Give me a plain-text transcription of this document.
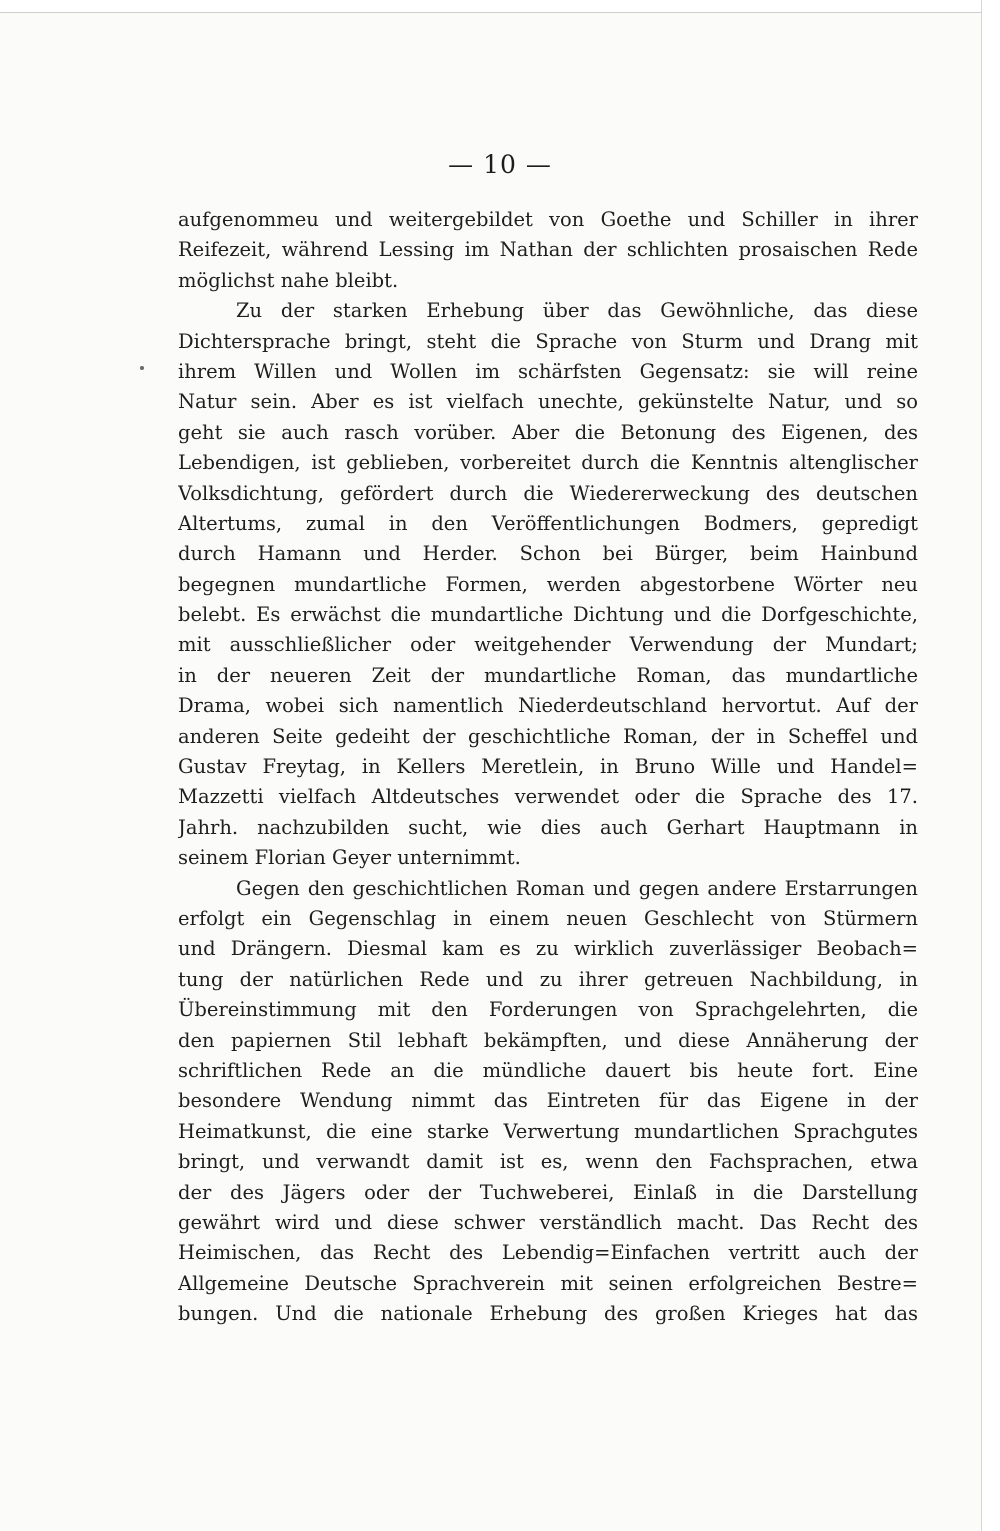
— 10 —
aufgenommeu und weitergebildet von Goethe und Schiller in ihrer
Reifezeit, während Lessing im Nathan der schlichten prosaischen Rede
möglichst nahe bleibt.
Zu der starken Erhebung über das Gewöhnliche, das diese
Dichtersprache bringt, steht die Sprache von Sturm und Drang mit
ihrem Willen und Wollen im schärfsten Gegensatz: sie will reine
Natur sein. Aber es ist vielfach unechte, gekünstelte Natur, und so
geht sie auch rasch vorüber. Aber die Betonung des Eigenen, des
Lebendigen, ist geblieben, vorbereitet durch die Kenntnis altenglischer
Volksdichtung, gefördert durch die Wiedererweckung des deutschen
Altertums, zumal in den Veröffentlichungen Bodmers, gepredigt
durch Hamann und Herder. Schon bei Bürger, beim Hainbund
begegnen mundartliche Formen, werden abgestorbene Wörter neu
belebt. Es erwächst die mundartliche Dichtung und die Dorfgeschichte,
mit ausschließlicher oder weitgehender Verwendung der Mundart;
in der neueren Zeit der mundartliche Roman, das mundartliche
Drama, wobei sich namentlich Niederdeutschland hervortut. Auf der
anderen Seite gedeiht der geschichtliche Roman, der in Scheffel und
Gustav Freytag, in Kellers Meretlein, in Bruno Wille und Handel=
Mazzetti vielfach Altdeutsches verwendet oder die Sprache des 17.
Jahrh. nachzubilden sucht, wie dies auch Gerhart Hauptmann in
seinem Florian Geyer unternimmt.
Gegen den geschichtlichen Roman und gegen andere Erstarrungen
erfolgt ein Gegenschlag in einem neuen Geschlecht von Stürmern
und Drängern. Diesmal kam es zu wirklich zuverlässiger Beobach=
tung der natürlichen Rede und zu ihrer getreuen Nachbildung, in
Übereinstimmung mit den Forderungen von Sprachgelehrten, die
den papiernen Stil lebhaft bekämpften, und diese Annäherung der
schriftlichen Rede an die mündliche dauert bis heute fort. Eine
besondere Wendung nimmt das Eintreten für das Eigene in der
Heimatkunst, die eine starke Verwertung mundartlichen Sprachgutes
bringt, und verwandt damit ist es, wenn den Fachsprachen, etwa
der des Jägers oder der Tuchweberei, Einlaß in die Darstellung
gewährt wird und diese schwer verständlich macht. Das Recht des
Heimischen, das Recht des Lebendig=Einfachen vertritt auch der
Allgemeine Deutsche Sprachverein mit seinen erfolgreichen Bestre=
bungen. Und die nationale Erhebung des großen Krieges hat das
